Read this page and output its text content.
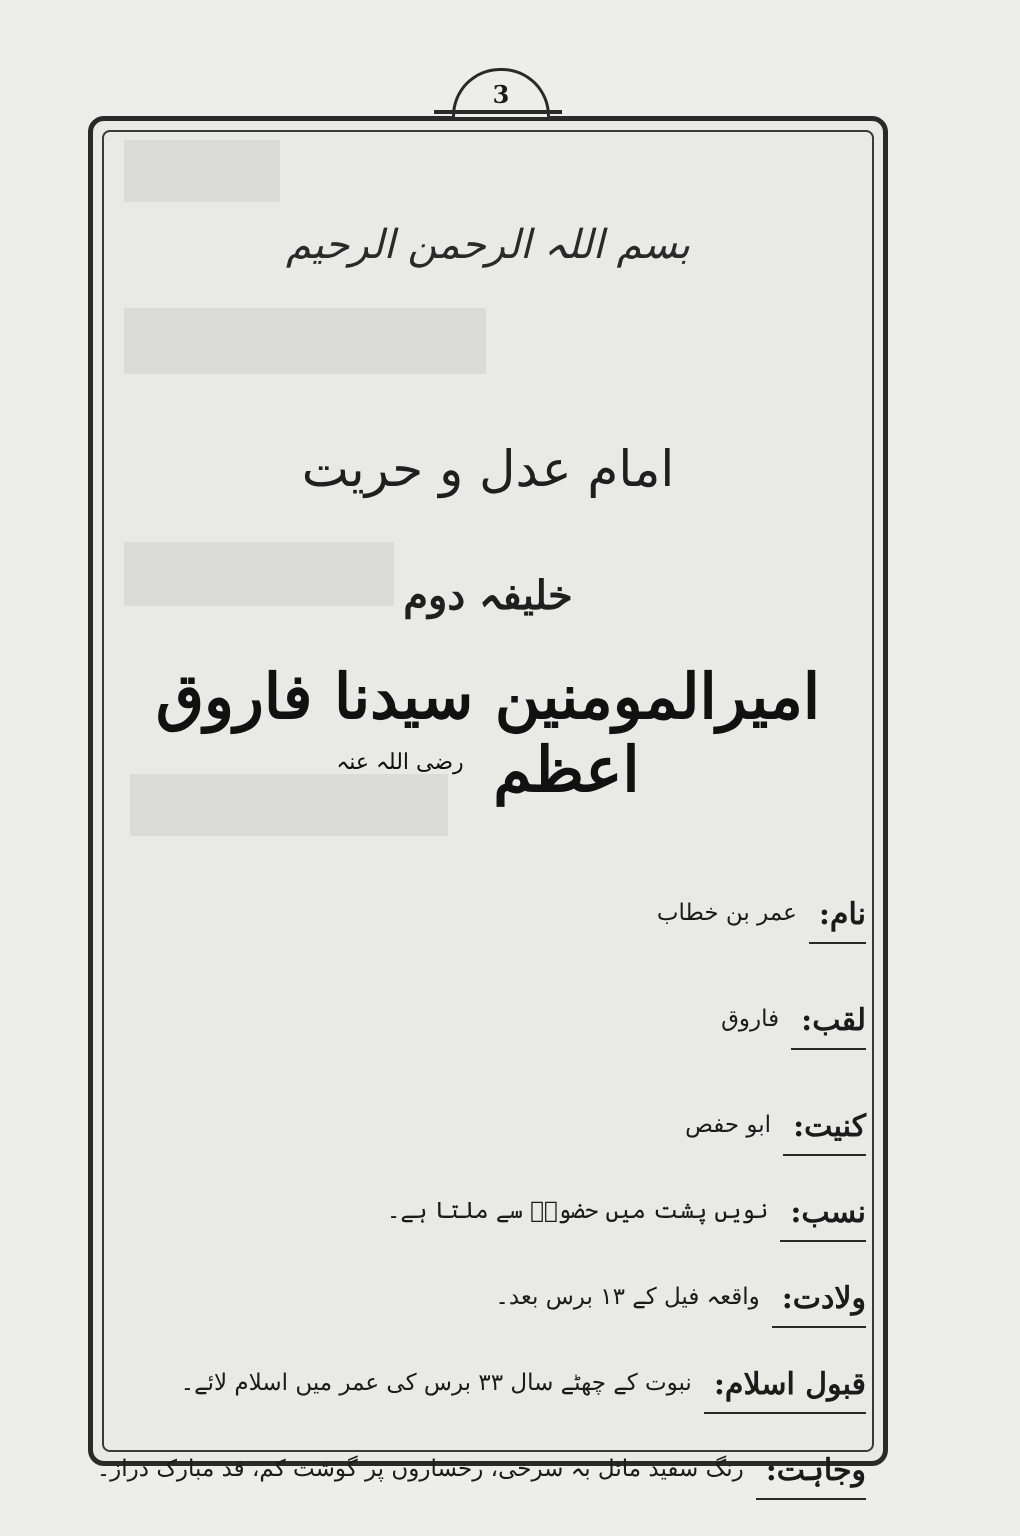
3
بسم اللہ الرحمن الرحیم
امام عدل و حریت
خلیفہ دوم
امیرالمومنین سیدنا فاروق اعظم $^{رضی اللہ عنہ}$
نام:
عمر بن خطاب
لقب:
فاروق
کنیت:
ابو حفص
نسب:
نویں پشت میں حضورؐ سے ملتا ہے۔
ولادت:
واقعہ فیل کے ۱۳ برس بعد۔
قبول اسلام:
نبوت کے چھٹے سال ۳۳ برس کی عمر میں اسلام لائے۔
وجاہت:
رنگ سفید مائل بہ سرخی، رخساروں پر گوشت کم، قد مبارک دراز۔
